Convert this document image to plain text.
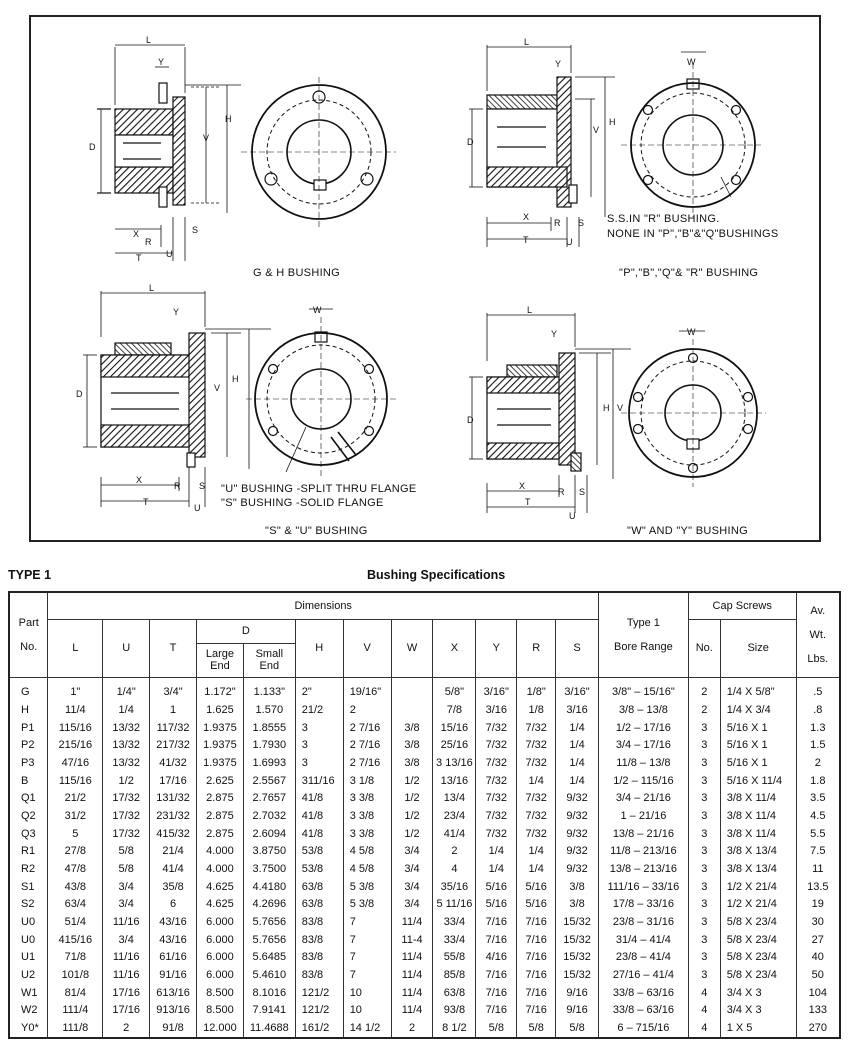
L
Y
H
V
D
X
R
S
T	U
L
Y	W
H
V
D
X
R S
T	U
L
Y	W
H
V
D
X
R S
T
U
L
Y	W
H V
D
X
R S
T
U
G & H BUSHING	"P","B","Q"& "R" BUSHING
"S" & "U" BUSHING	"W" AND "Y" BUSHING
S.S.IN "R" BUSHING.
NONE IN "P","B"&"Q"BUSHINGS
"U" BUSHING -SPLIT THRU FLANGE
"S" BUSHING -SOLID FLANGE
TYPE 1	Bushing Specifications
Part

No.	Dimensions												Type 1

Bore Range	Cap Screws		Av.

Wt.

Lbs.
	L	U	T	D		H	V	W	X	Y	R	S		No.	Size	
				Large
End	Small
End											
G	1"	1/4"	3/4"	1.172"	1.133"	2"	19/16"		5/8"	3/16"	1/8"	3/16"	3/8" – 15/16"	2	1/4 X 5/8"	.5
H	11/4	1/4	1	1.625	1.570	21/2	2		7/8	3/16	1/8	3/16	3/8 – 13/8	2	1/4 X 3/4	.8
P1	115/16	13/32	117/32	1.9375	1.8555	3	2 7/16	3/8	15/16	7/32	7/32	1/4	1/2 – 17/16	3	5/16 X 1	1.3
P2	215/16	13/32	217/32	1.9375	1.7930	3	2 7/16	3/8	25/16	7/32	7/32	1/4	3/4 – 17/16	3	5/16 X 1	1.5
P3	47/16	13/32	41/32	1.9375	1.6993	3	2 7/16	3/8	3 13/16	7/32	7/32	1/4	11/8 – 13/8	3	5/16 X 1	2
B	115/16	1/2	17/16	2.625	2.5567	311/16	3 1/8	1/2	13/16	7/32	1/4	1/4	1/2 – 115/16	3	5/16 X 11/4	1.8
Q1	21/2	17/32	131/32	2.875	2.7657	41/8	3 3/8	1/2	13/4	7/32	7/32	9/32	3/4 – 21/16	3	3/8 X 11/4	3.5
Q2	31/2	17/32	231/32	2.875	2.7032	41/8	3 3/8	1/2	23/4	7/32	7/32	9/32	1 – 21/16	3	3/8 X 11/4	4.5
Q3	5	17/32	415/32	2.875	2.6094	41/8	3 3/8	1/2	41/4	7/32	7/32	9/32	13/8 – 21/16	3	3/8 X 11/4	5.5
R1	27/8	5/8	21/4	4.000	3.8750	53/8	4 5/8	3/4	2	1/4	1/4	9/32	11/8 – 213/16	3	3/8 X 13/4	7.5
R2	47/8	5/8	41/4	4.000	3.7500	53/8	4 5/8	3/4	4	1/4	1/4	9/32	13/8 – 213/16	3	3/8 X 13/4	11
S1	43/8	3/4	35/8	4.625	4.4180	63/8	5 3/8	3/4	35/16	5/16	5/16	3/8	111/16 – 33/16	3	1/2 X 21/4	13.5
S2	63/4	3/4	6	4.625	4.2696	63/8	5 3/8	3/4	5 11/16	5/16	5/16	3/8	17/8 – 33/16	3	1/2 X 21/4	19
U0	51/4	11/16	43/16	6.000	5.7656	83/8	7	11/4	33/4	7/16	7/16	15/32	23/8 – 31/16	3	5/8 X 23/4	30
U0	415/16	3/4	43/16	6.000	5.7656	83/8	7	11-4	33/4	7/16	7/16	15/32	31/4 – 41/4	3	5/8 X 23/4	27
U1	71/8	11/16	61/16	6.000	5.6485	83/8	7	11/4	55/8	4/16	7/16	15/32	23/8 – 41/4	3	5/8 X 23/4	40
U2	101/8	11/16	91/16	6.000	5.4610	83/8	7	11/4	85/8	7/16	7/16	15/32	27/16 – 41/4	3	5/8 X 23/4	50
W1	81/4	17/16	613/16	8.500	8.1016	121/2	10	11/4	63/8	7/16	7/16	9/16	33/8 – 63/16	4	3/4 X 3	104
W2	111/4	17/16	913/16	8.500	7.9141	121/2	10	11/4	93/8	7/16	7/16	9/16	33/8 – 63/16	4	3/4 X 3	133
Y0*	111/8	2	91/8	12.000	11.4688	161/2	14 1/2	2	8 1/2	5/8	5/8	5/8	6 – 715/16	4	1 X 5	270
